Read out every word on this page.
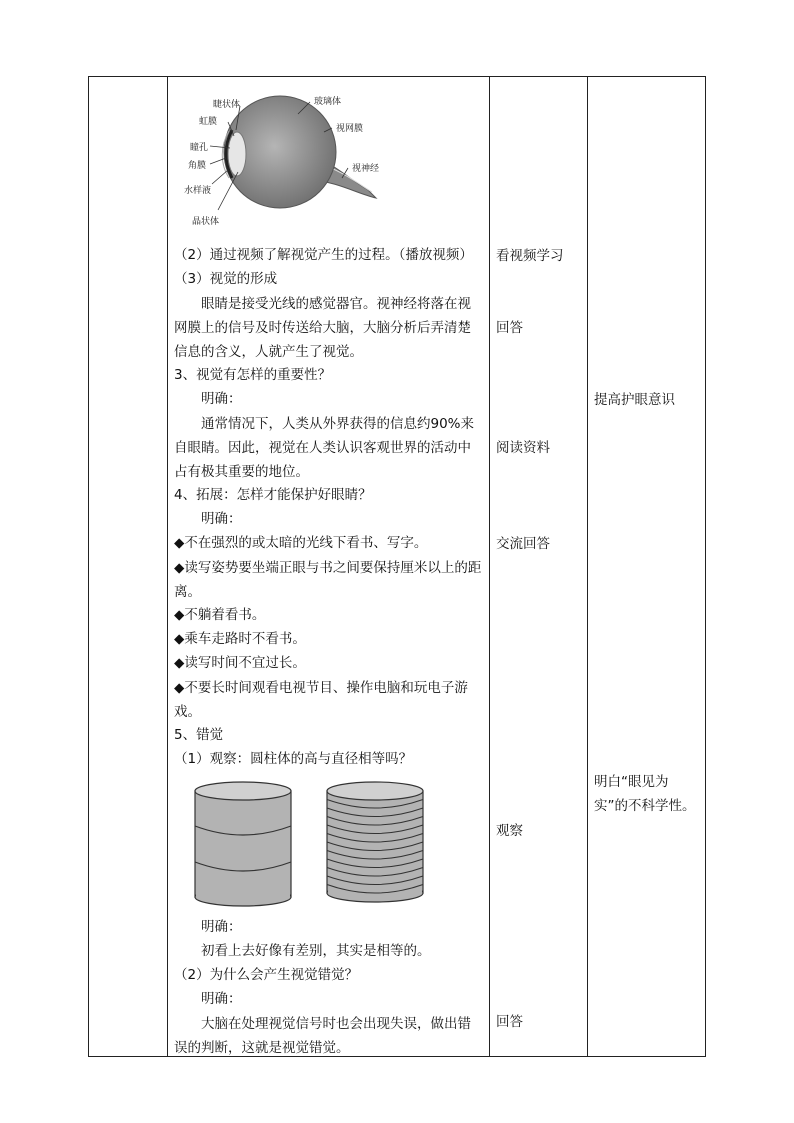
睫状体
虹膜
瞳孔
角膜
水样液
晶状体
玻璃体
视网膜
视神经
（2）通过视频了解视觉产生的过程。（播放视频）
（3）视觉的形成
眼睛是接受光线的感觉器官。视神经将落在视网膜上的信号及时传送给大脑，大脑分析后弄清楚信息的含义，人就产生了视觉。
3、视觉有怎样的重要性？
明确：
通常情况下，人类从外界获得的信息约90%来自眼睛。因此，视觉在人类认识客观世界的活动中占有极其重要的地位。
4、拓展：怎样才能保护好眼睛？
明确：
◆不在强烈的或太暗的光线下看书、写字。
◆读写姿势要坐端正眼与书之间要保持厘米以上的距离。
◆不躺着看书。
◆乘车走路时不看书。
◆读写时间不宜过长。
◆不要长时间观看电视节目、操作电脑和玩电子游戏。
5、错觉
（1）观察：圆柱体的高与直径相等吗？
明确：
初看上去好像有差别，其实是相等的。
（2）为什么会产生视觉错觉？
明确：
大脑在处理视觉信号时也会出现失误，做出错误的判断，这就是视觉错觉。
看视频学习
回答
阅读资料
交流回答
观察
回答
提高护眼意识
明白“眼见为实”的不科学性。
